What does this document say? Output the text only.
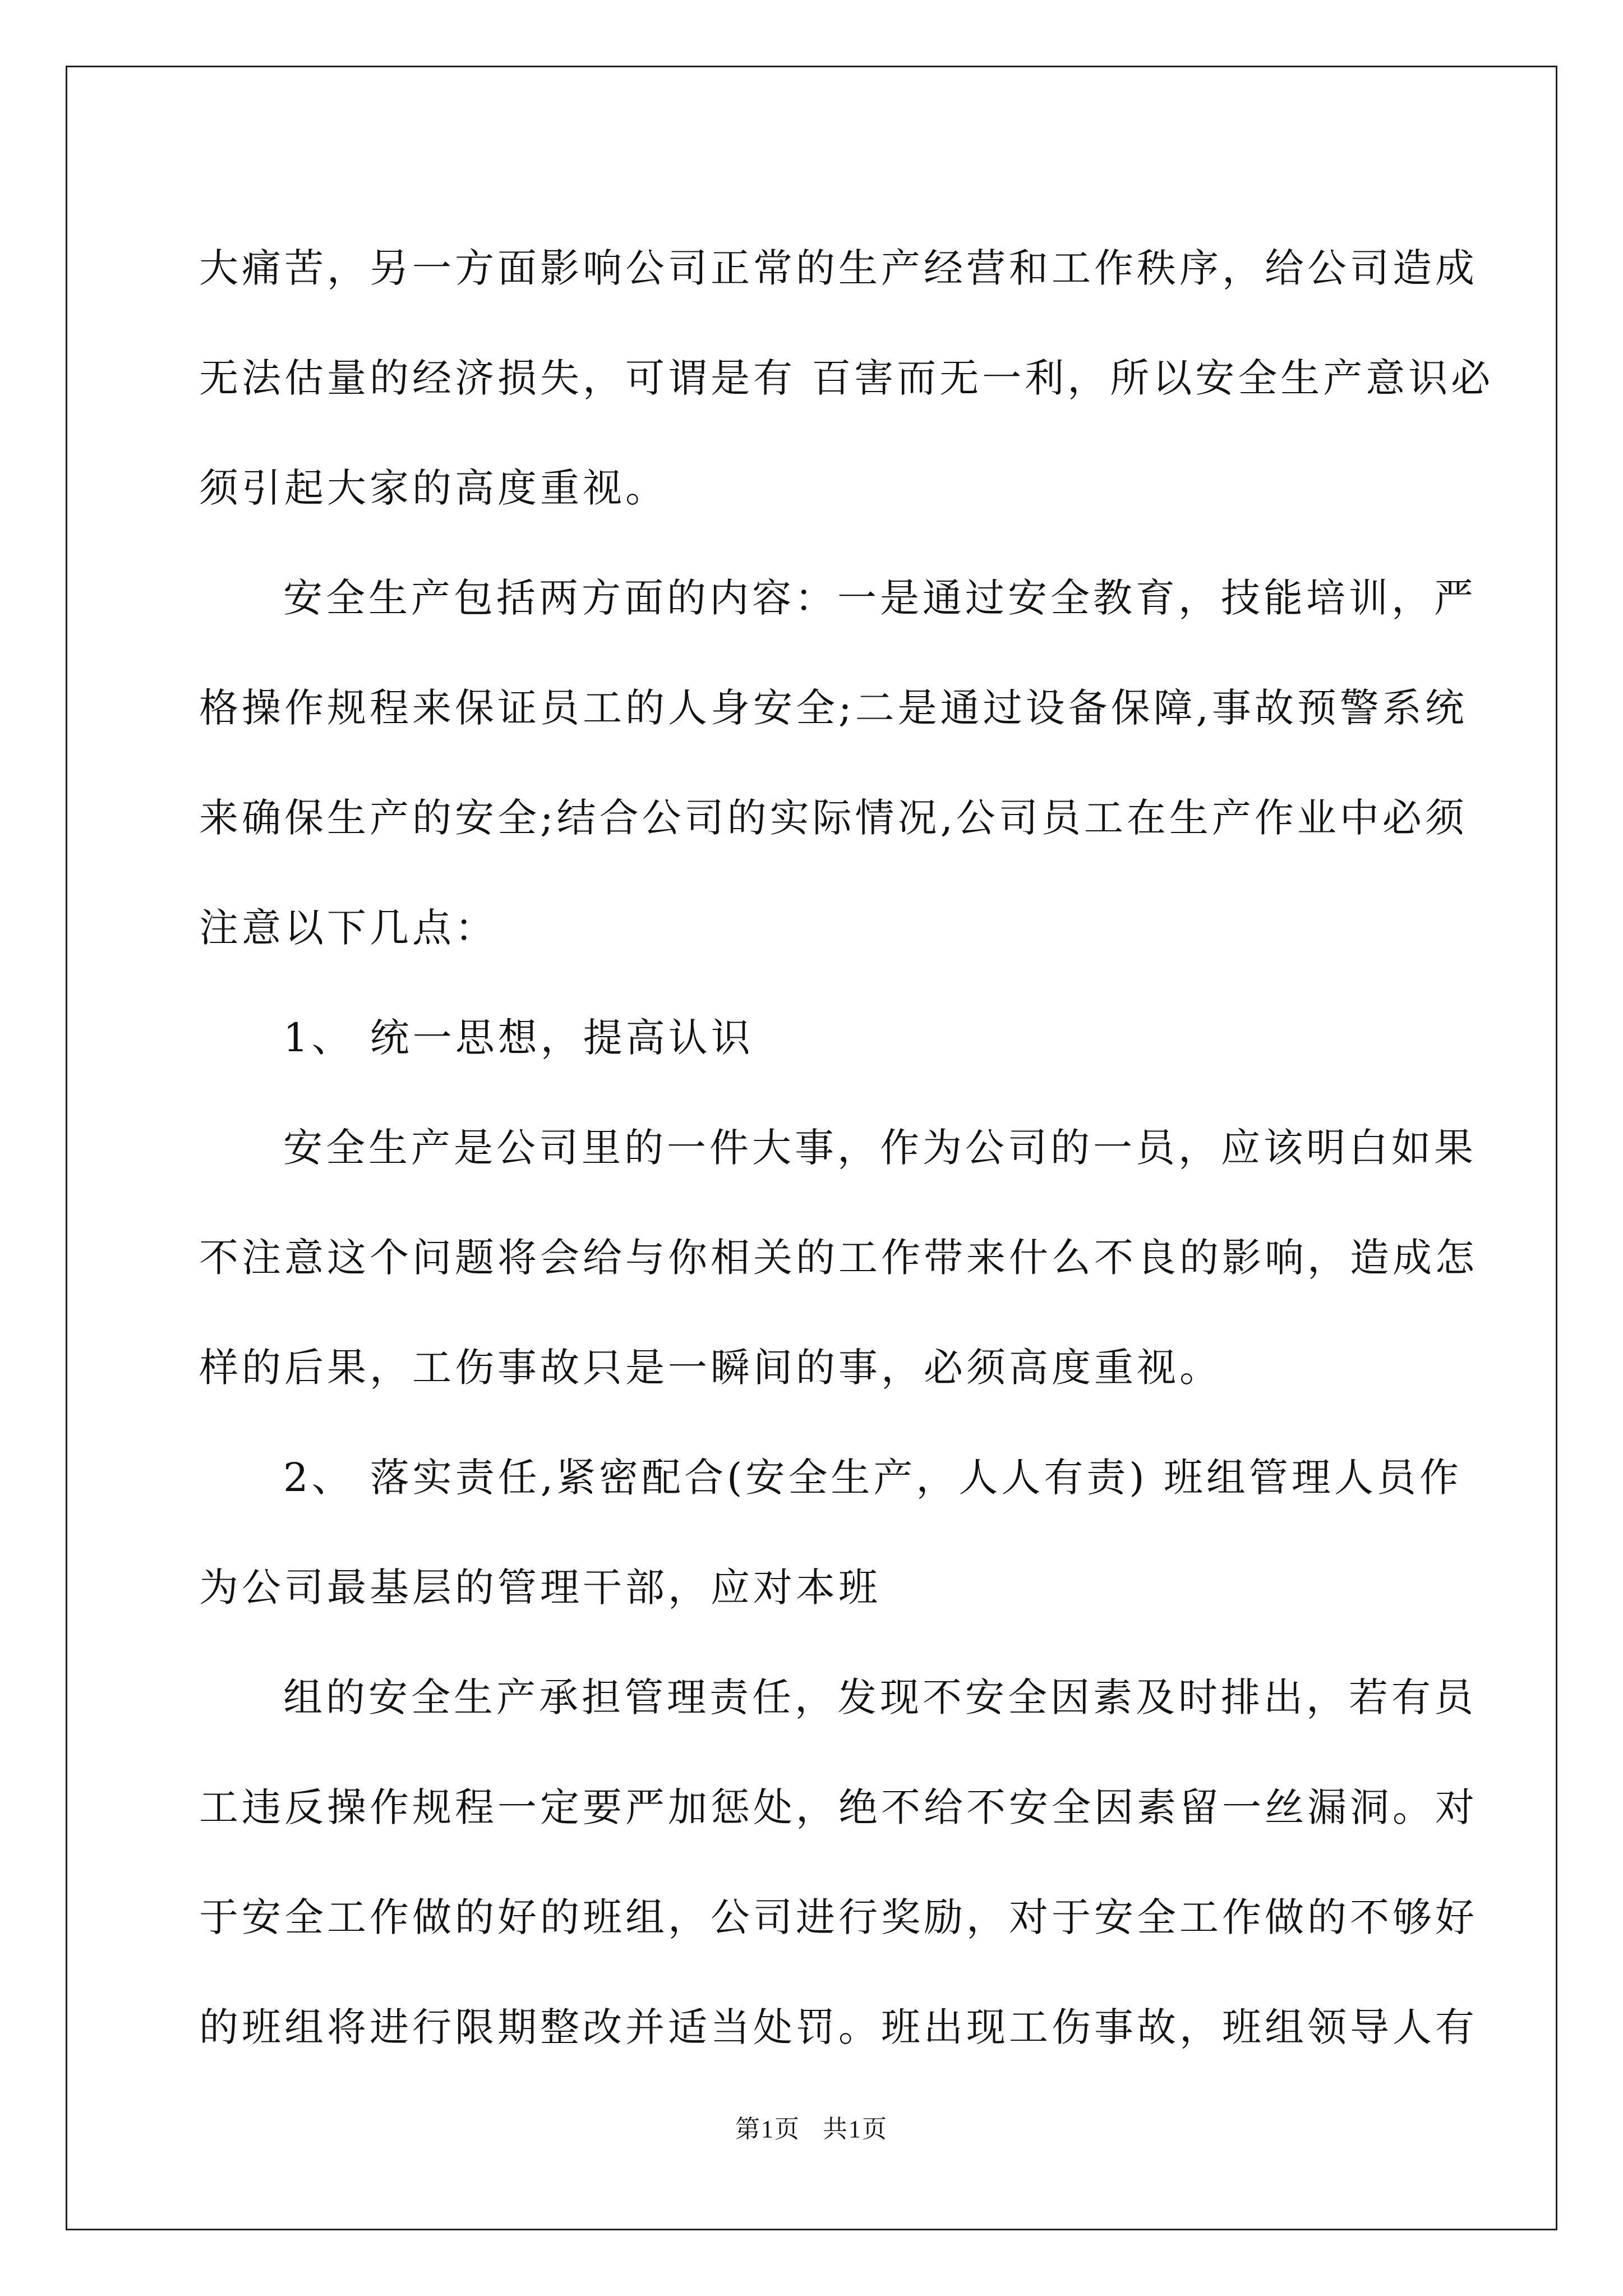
大痛苦，另一方面影响公司正常的生产经营和工作秩序，给公司造成
无法估量的经济损失，可谓是有 百害而无一利，所以安全生产意识必
须引起大家的高度重视。

安全生产包括两方面的内容：一是通过安全教育，技能培训，严
格操作规程来保证员工的人身安全;二是通过设备保障,事故预警系统
来确保生产的安全;结合公司的实际情况,公司员工在生产作业中必须
注意以下几点：

1、 统一思想，提高认识

安全生产是公司里的一件大事，作为公司的一员，应该明白如果
不注意这个问题将会给与你相关的工作带来什么不良的影响，造成怎
样的后果，工伤事故只是一瞬间的事，必须高度重视。

2、 落实责任,紧密配合(安全生产，人人有责) 班组管理人员作
为公司最基层的管理干部，应对本班

组的安全生产承担管理责任，发现不安全因素及时排出，若有员
工违反操作规程一定要严加惩处，绝不给不安全因素留一丝漏洞。对
于安全工作做的好的班组，公司进行奖励，对于安全工作做的不够好
的班组将进行限期整改并适当处罚。班出现工伤事故，班组领导人有

第1页 共1页
